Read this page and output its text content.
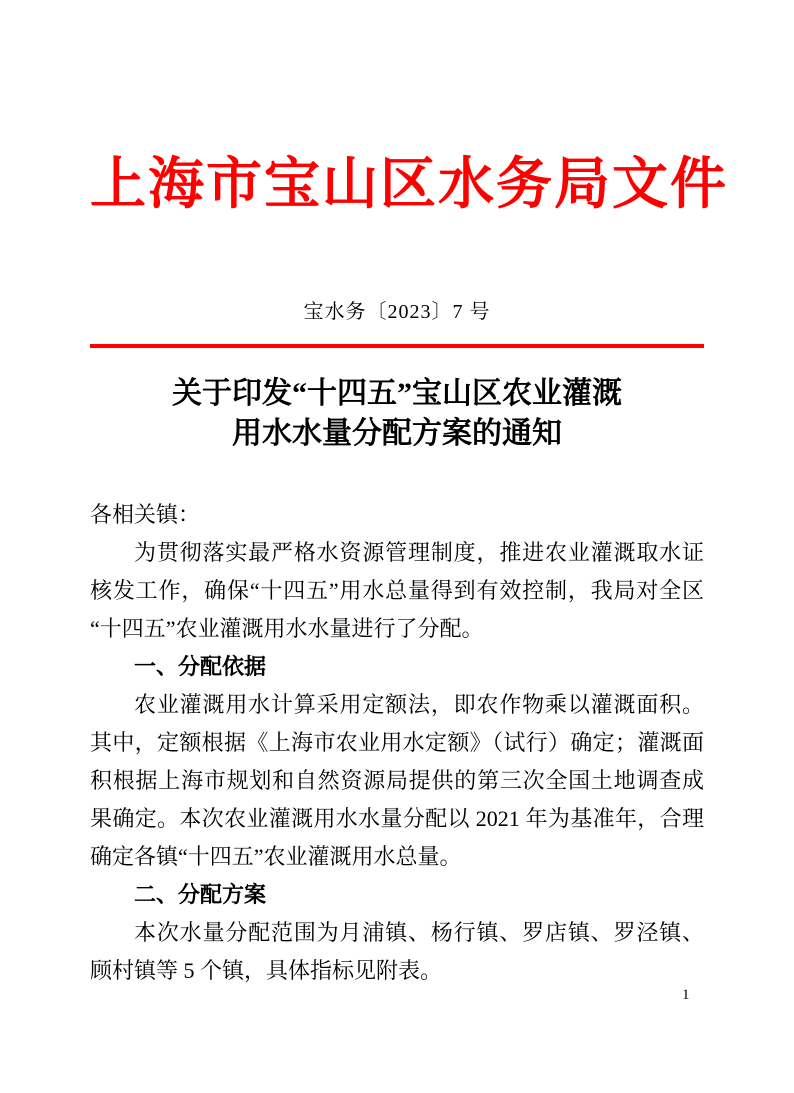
上海市宝山区水务局文件
宝水务〔2023〕7 号
关于印发“十四五”宝山区农业灌溉
用水水量分配方案的通知

各相关镇：

为贯彻落实最严格水资源管理制度，推进农业灌溉取水证核发工作，确保“十四五”用水总量得到有效控制，我局对全区“十四五”农业灌溉用水水量进行了分配。

一、分配依据

农业灌溉用水计算采用定额法，即农作物乘以灌溉面积。其中，定额根据《上海市农业用水定额》（试行）确定；灌溉面积根据上海市规划和自然资源局提供的第三次全国土地调查成果确定。本次农业灌溉用水水量分配以 2021 年为基准年，合理确定各镇“十四五”农业灌溉用水总量。

二、分配方案

本次水量分配范围为月浦镇、杨行镇、罗店镇、罗泾镇、顾村镇等 5 个镇，具体指标见附表。

1
